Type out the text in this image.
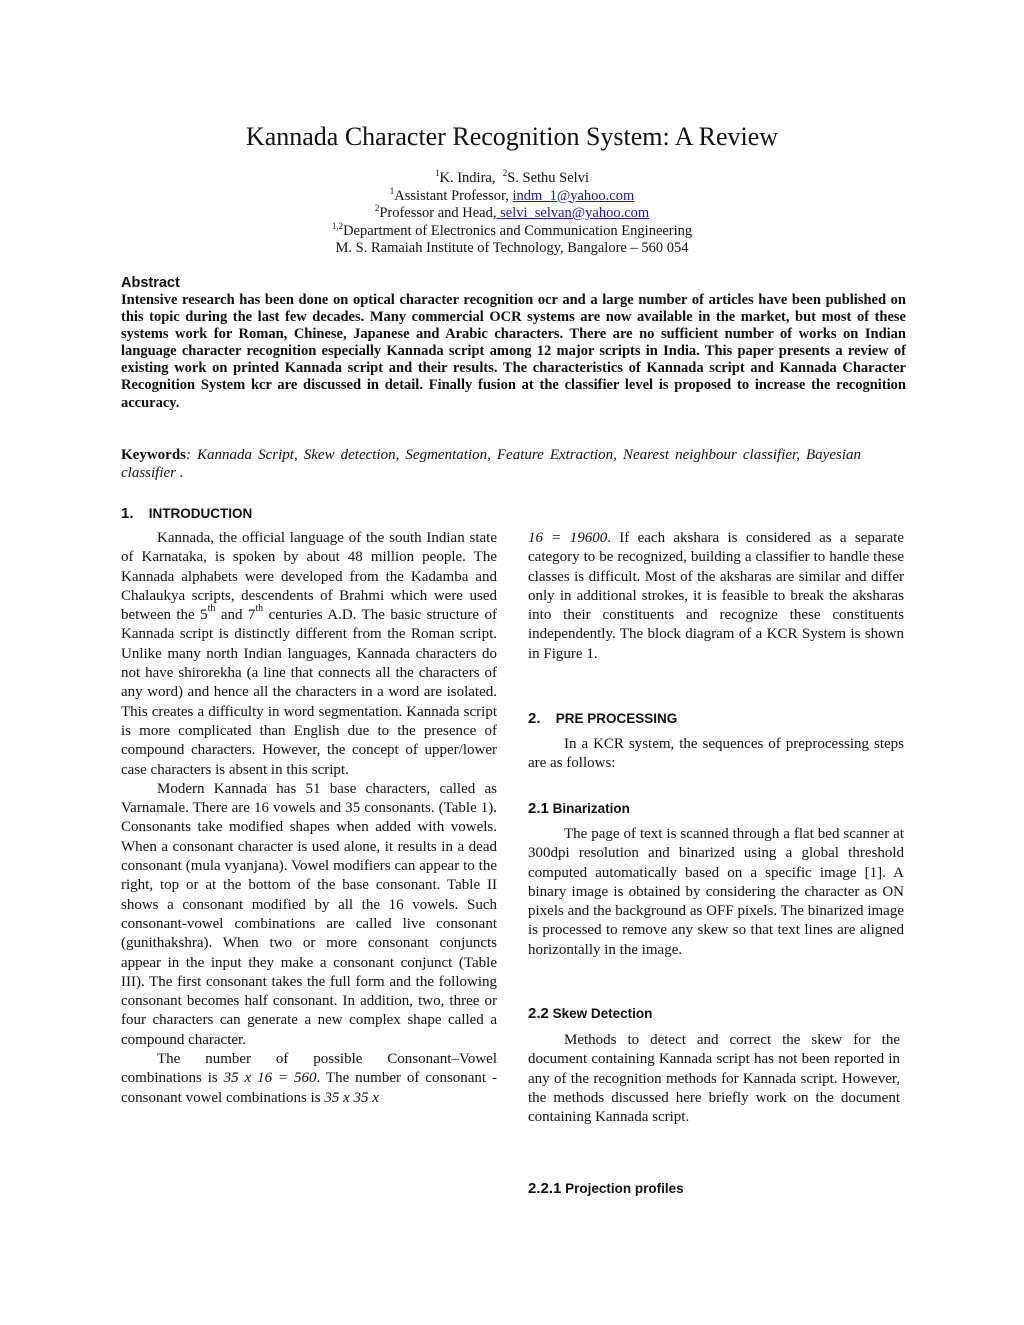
Kannada Character Recognition System: A Review
$^1$K. Indira, $^2$S. Sethu Selvi
$^1$Assistant Professor, indm_1@yahoo.com
$^2$Professor and Head, selvi_selvan@yahoo.com
$^{1,2}$Department of Electronics and Communication Engineering
M. S. Ramaiah Institute of Technology, Bangalore – 560 054
Abstract
Intensive research has been done on optical character recognition ocr and a large number of articles have been published on this topic during the last few decades. Many commercial OCR systems are now available in the market, but most of these systems work for Roman, Chinese, Japanese and Arabic characters. There are no sufficient number of works on Indian language character recognition especially Kannada script among 12 major scripts in India. This paper presents a review of existing work on printed Kannada script and their results. The characteristics of Kannada script and Kannada Character Recognition System kcr are discussed in detail. Finally fusion at the classifier level is proposed to increase the recognition accuracy.
Keywords: Kannada Script, Skew detection, Segmentation, Feature Extraction, Nearest neighbour classifier, Bayesian classifier .
1. INTRODUCTION

Kannada, the official language of the south Indian state of Karnataka, is spoken by about 48 million people. The Kannada alphabets were developed from the Kadamba and Chalaukya scripts, descendents of Brahmi which were used between the 5th and 7th centuries A.D. The basic structure of Kannada script is distinctly different from the Roman script. Unlike many north Indian languages, Kannada characters do not have shirorekha (a line that connects all the characters of any word) and hence all the characters in a word are isolated. This creates a difficulty in word segmentation. Kannada script is more complicated than English due to the presence of compound characters. However, the concept of upper/lower case characters is absent in this script.

Modern Kannada has 51 base characters, called as Varnamale. There are 16 vowels and 35 consonants. (Table 1). Consonants take modified shapes when added with vowels. When a consonant character is used alone, it results in a dead consonant (mula vyanjana). Vowel modifiers can appear to the right, top or at the bottom of the base consonant. Table II shows a consonant modified by all the 16 vowels. Such consonant-vowel combinations are called live consonant (gunithakshra). When two or more consonant conjuncts appear in the input they make a consonant conjunct (Table III). The first consonant takes the full form and the following consonant becomes half consonant. In addition, two, three or four characters can generate a new complex shape called a compound character.

The number of possible Consonant–Vowel combinations is 35 x 16 = 560. The number of consonant -consonant vowel combinations is 35 x 35 x

16 = 19600. If each akshara is considered as a separate category to be recognized, building a classifier to handle these classes is difficult. Most of the aksharas are similar and differ only in additional strokes, it is feasible to break the aksharas into their constituents and recognize these constituents independently. The block diagram of a KCR System is shown in Figure 1.

2. PRE PROCESSING

In a KCR system, the sequences of preprocessing steps are as follows:

2.1 Binarization

The page of text is scanned through a flat bed scanner at 300dpi resolution and binarized using a global threshold computed automatically based on a specific image [1]. A binary image is obtained by considering the character as ON pixels and the background as OFF pixels. The binarized image is processed to remove any skew so that text lines are aligned horizontally in the image.

2.2 Skew Detection

Methods to detect and correct the skew for the document containing Kannada script has not been reported in any of the recognition methods for Kannada script. However, the methods discussed here briefly work on the document containing Kannada script.

2.2.1 Projection profiles
